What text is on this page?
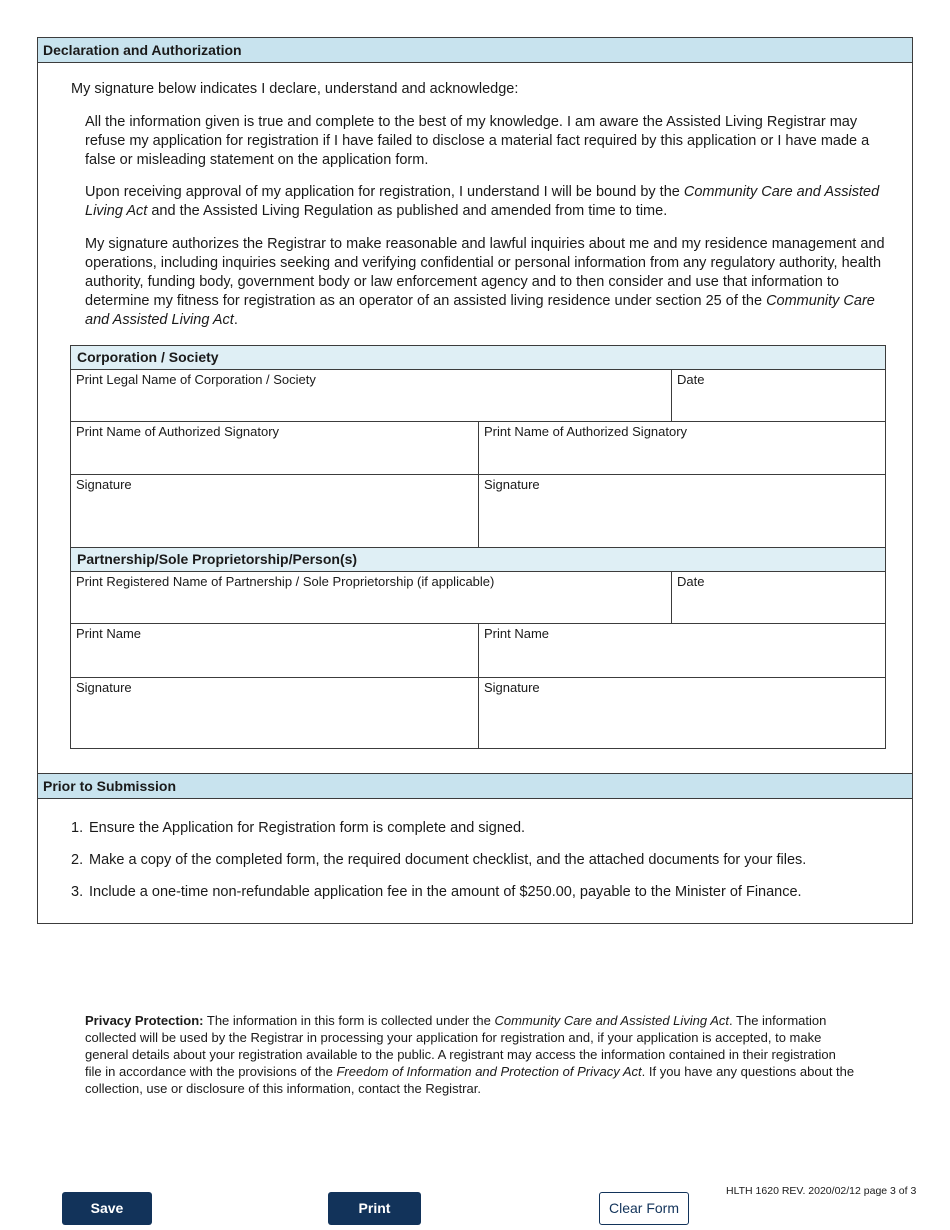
Declaration and Authorization
My signature below indicates I declare, understand and acknowledge:
All the information given is true and complete to the best of my knowledge. I am aware the Assisted Living Registrar may refuse my application for registration if I have failed to disclose a material fact required by this application or I have made a false or misleading statement on the application form.
Upon receiving approval of my application for registration, I understand I will be bound by the Community Care and Assisted Living Act and the Assisted Living Regulation as published and amended from time to time.
My signature authorizes the Registrar to make reasonable and lawful inquiries about me and my residence management and operations, including inquiries seeking and verifying confidential or personal information from any regulatory authority, health authority, funding body, government body or law enforcement agency and to then consider and use that information to determine my fitness for registration as an operator of an assisted living residence under section 25 of the Community Care and Assisted Living Act.
Corporation / Society
Print Legal Name of Corporation / Society	Date
Print Name of Authorized Signatory	Print Name of Authorized Signatory
Signature	Signature
Partnership/Sole Proprietorship/Person(s)
Print Registered Name of Partnership / Sole Proprietorship (if applicable)	Date
Print Name	Print Name
Signature	Signature
Prior to Submission
1. Ensure the Application for Registration form is complete and signed.
2. Make a copy of the completed form, the required document checklist, and the attached documents for your files.
3. Include a one-time non-refundable application fee in the amount of $250.00, payable to the Minister of Finance.
Privacy Protection: The information in this form is collected under the Community Care and Assisted Living Act. The information collected will be used by the Registrar in processing your application for registration and, if your application is accepted, to make general details about your registration available to the public. A registrant may access the information contained in their registration file in accordance with the provisions of the Freedom of Information and Protection of Privacy Act. If you have any questions about the collection, use or disclosure of this information, contact the Registrar.
HLTH 1620 REV. 2020/02/12 page 3 of 3
Save	Print	Clear Form
